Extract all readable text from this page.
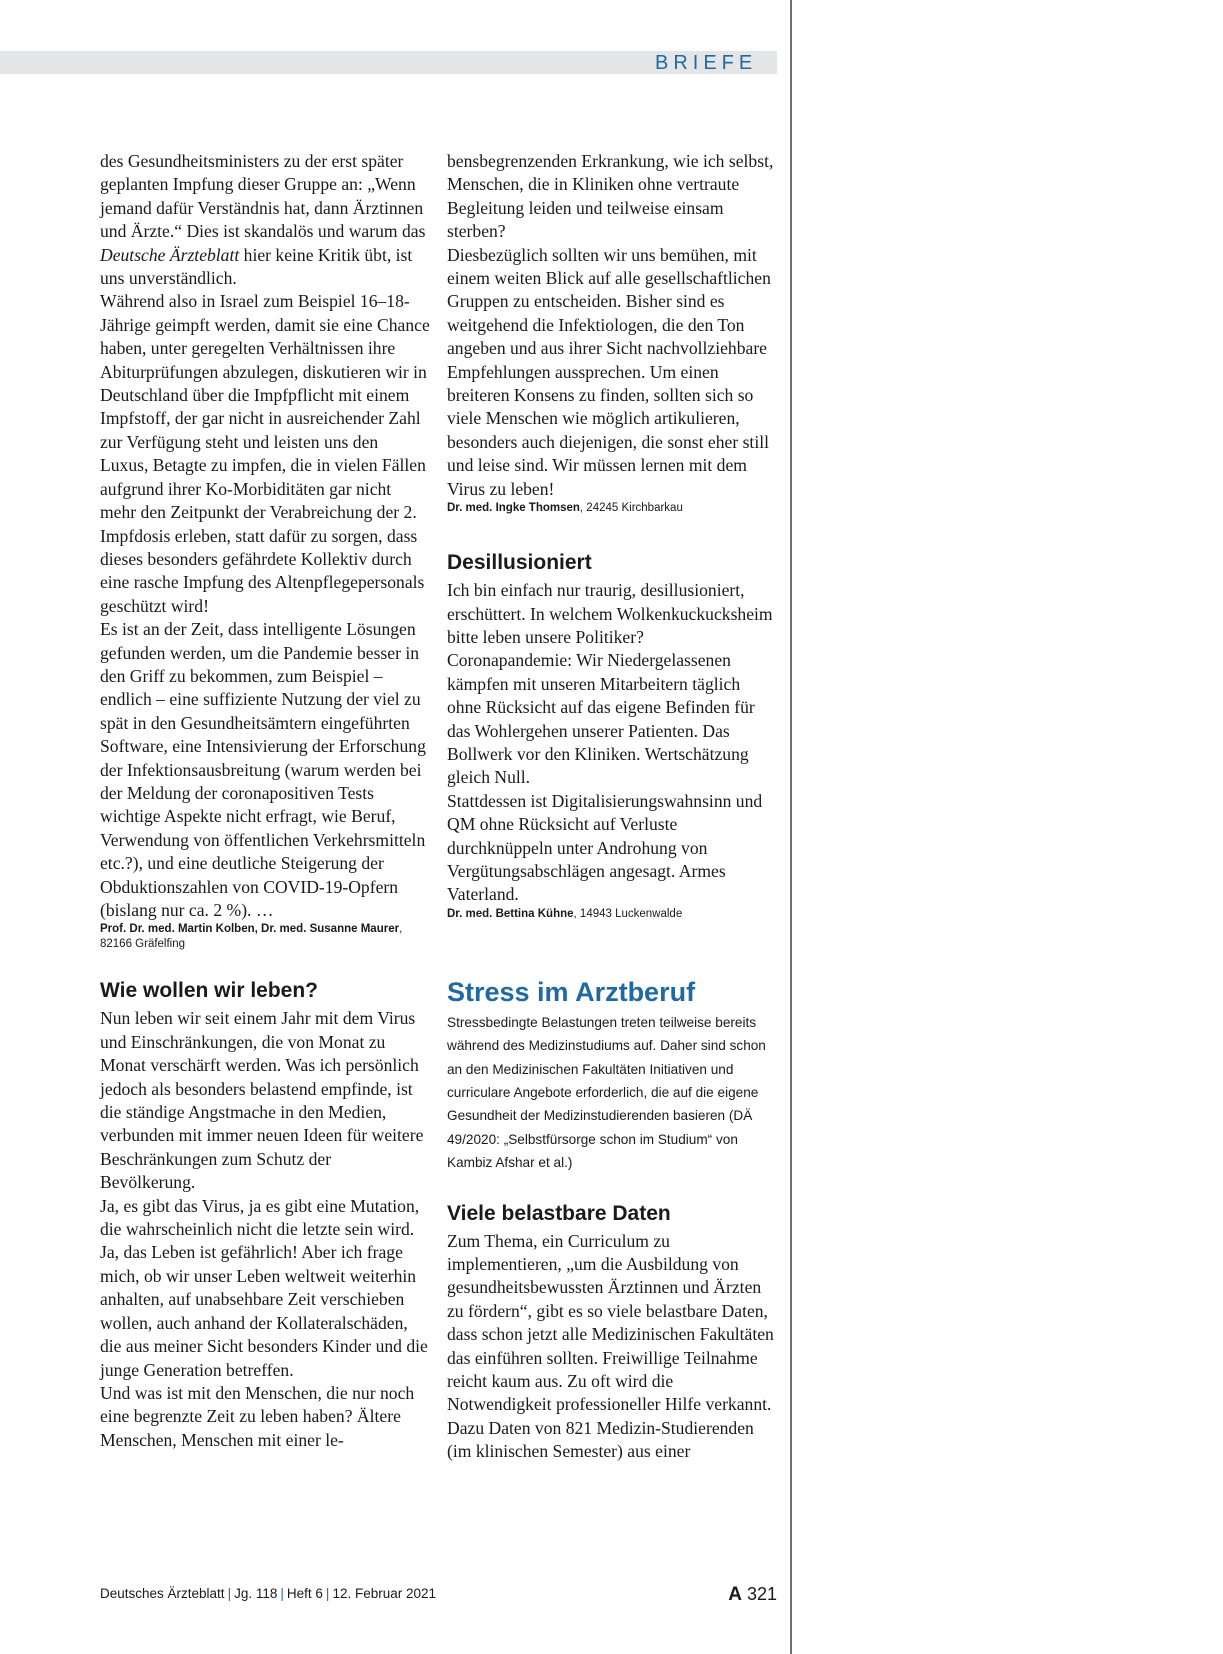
BRIEFE

des Gesundheitsministers zu der erst später geplanten Impfung dieser Gruppe an: „Wenn jemand dafür Verständnis hat, dann Ärztinnen und Ärzte.“ Dies ist skandalös und warum das Deutsche Ärzteblatt hier keine Kritik übt, ist uns unverständlich.

Während also in Israel zum Beispiel 16–18-Jährige geimpft werden, damit sie eine Chance haben, unter geregelten Verhältnissen ihre Abiturprüfungen abzulegen, diskutieren wir in Deutschland über die Impfpflicht mit einem Impfstoff, der gar nicht in ausreichender Zahl zur Verfügung steht und leisten uns den Luxus, Betagte zu impfen, die in vielen Fällen aufgrund ihrer Ko-Morbiditäten gar nicht mehr den Zeitpunkt der Verabreichung der 2. Impfdosis erleben, statt dafür zu sorgen, dass dieses besonders gefährdete Kollektiv durch eine rasche Impfung des Altenpflegepersonals geschützt wird!

Es ist an der Zeit, dass intelligente Lösungen gefunden werden, um die Pandemie besser in den Griff zu bekommen, zum Beispiel – endlich – eine suffiziente Nutzung der viel zu spät in den Gesundheitsämtern eingeführten Software, eine Intensivierung der Erforschung der Infektionsausbreitung (warum werden bei der Meldung der coronapositiven Tests wichtige Aspekte nicht erfragt, wie Beruf, Verwendung von öffentlichen Verkehrsmitteln etc.?), und eine deutliche Steigerung der Obduktionszahlen von COVID-19-Opfern (bislang nur ca. 2 %). …

Prof. Dr. med. Martin Kolben, Dr. med. Susanne Maurer, 82166 Gräfelfing

Wie wollen wir leben?

Nun leben wir seit einem Jahr mit dem Virus und Einschränkungen, die von Monat zu Monat verschärft werden. Was ich persönlich jedoch als besonders belastend empfinde, ist die ständige Angstmache in den Medien, verbunden mit immer neuen Ideen für weitere Beschränkungen zum Schutz der Bevölkerung.

Ja, es gibt das Virus, ja es gibt eine Mutation, die wahrscheinlich nicht die letzte sein wird. Ja, das Leben ist gefährlich! Aber ich frage mich, ob wir unser Leben weltweit weiterhin anhalten, auf unabsehbare Zeit verschieben wollen, auch anhand der Kollateralschäden, die aus meiner Sicht besonders Kinder und die junge Generation betreffen.

Und was ist mit den Menschen, die nur noch eine begrenzte Zeit zu leben haben? Ältere Menschen, Menschen mit einer le-

bensbegrenzenden Erkrankung, wie ich selbst, Menschen, die in Kliniken ohne vertraute Begleitung leiden und teilweise einsam sterben?

Diesbezüglich sollten wir uns bemühen, mit einem weiten Blick auf alle gesellschaftlichen Gruppen zu entscheiden. Bisher sind es weitgehend die Infektiologen, die den Ton angeben und aus ihrer Sicht nachvollziehbare Empfehlungen aussprechen. Um einen breiteren Konsens zu finden, sollten sich so viele Menschen wie möglich artikulieren, besonders auch diejenigen, die sonst eher still und leise sind. Wir müssen lernen mit dem Virus zu leben!

Dr. med. Ingke Thomsen, 24245 Kirchbarkau

Desillusioniert

Ich bin einfach nur traurig, desillusioniert, erschüttert. In welchem Wolkenkuckucksheim bitte leben unsere Politiker?

Coronapandemie: Wir Niedergelassenen kämpfen mit unseren Mitarbeitern täglich ohne Rücksicht auf das eigene Befinden für das Wohlergehen unserer Patienten. Das Bollwerk vor den Kliniken. Wertschätzung gleich Null.

Stattdessen ist Digitalisierungswahnsinn und QM ohne Rücksicht auf Verluste durchknüppeln unter Androhung von Vergütungsabschlägen angesagt. Armes Vaterland.

Dr. med. Bettina Kühne, 14943 Luckenwalde

Stress im Arztberuf

Stressbedingte Belastungen treten teilweise bereits während des Medizinstudiums auf. Daher sind schon an den Medizinischen Fakultäten Initiativen und curriculare Angebote erforderlich, die auf die eigene Gesundheit der Medizinstudierenden basieren (DÄ 49/2020: „Selbstfürsorge schon im Studium“ von Kambiz Afshar et al.)

Viele belastbare Daten

Zum Thema, ein Curriculum zu implementieren, „um die Ausbildung von gesundheitsbewussten Ärztinnen und Ärzten zu fördern“, gibt es so viele belastbare Daten, dass schon jetzt alle Medizinischen Fakultäten das einführen sollten. Freiwillige Teilnahme reicht kaum aus. Zu oft wird die Notwendigkeit professioneller Hilfe verkannt.

Dazu Daten von 821 Medizin-Studierenden (im klinischen Semester) aus einer

Deutsches Ärzteblatt | Jg. 118 | Heft 6 | 12. Februar 2021	A 321
